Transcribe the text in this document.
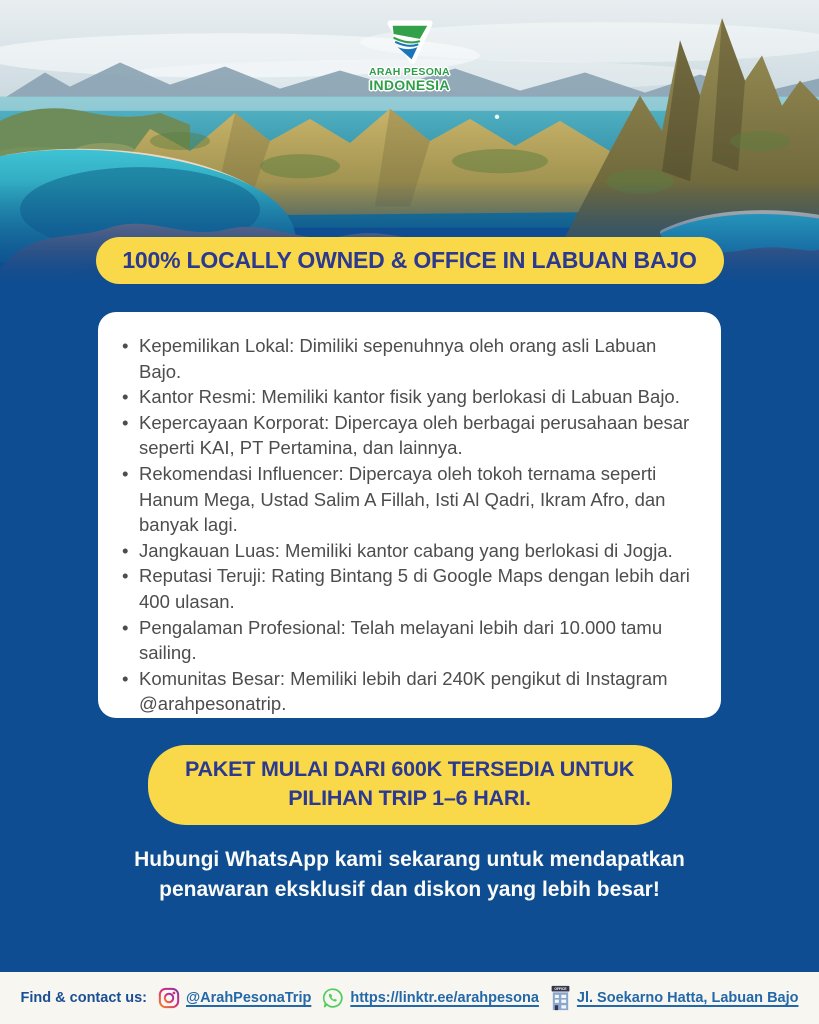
ARAH PESONA
INDONESIA
100% LOCALLY OWNED & OFFICE IN LABUAN BAJO
• Kepemilikan Lokal: Dimiliki sepenuhnya oleh orang asli Labuan Bajo.
• Kantor Resmi: Memiliki kantor fisik yang berlokasi di Labuan Bajo.
• Kepercayaan Korporat: Dipercaya oleh berbagai perusahaan besar seperti KAI, PT Pertamina, dan lainnya.
• Rekomendasi Influencer: Dipercaya oleh tokoh ternama seperti Hanum Mega, Ustad Salim A Fillah, Isti Al Qadri, Ikram Afro, dan banyak lagi.
• Jangkauan Luas: Memiliki kantor cabang yang berlokasi di Jogja.
• Reputasi Teruji: Rating Bintang 5 di Google Maps dengan lebih dari 400 ulasan.
• Pengalaman Profesional: Telah melayani lebih dari 10.000 tamu sailing.
• Komunitas Besar: Memiliki lebih dari 240K pengikut di Instagram @arahpesonatrip.
PAKET MULAI DARI 600K TERSEDIA UNTUK
PILIHAN TRIP 1–6 HARI.
Hubungi WhatsApp kami sekarang untuk mendapatkan
penawaran eksklusif dan diskon yang lebih besar!
Find & contact us:	@ArahPesonaTrip	https://linktr.ee/arahpesona
OFFICE
Jl. Soekarno Hatta, Labuan Bajo
